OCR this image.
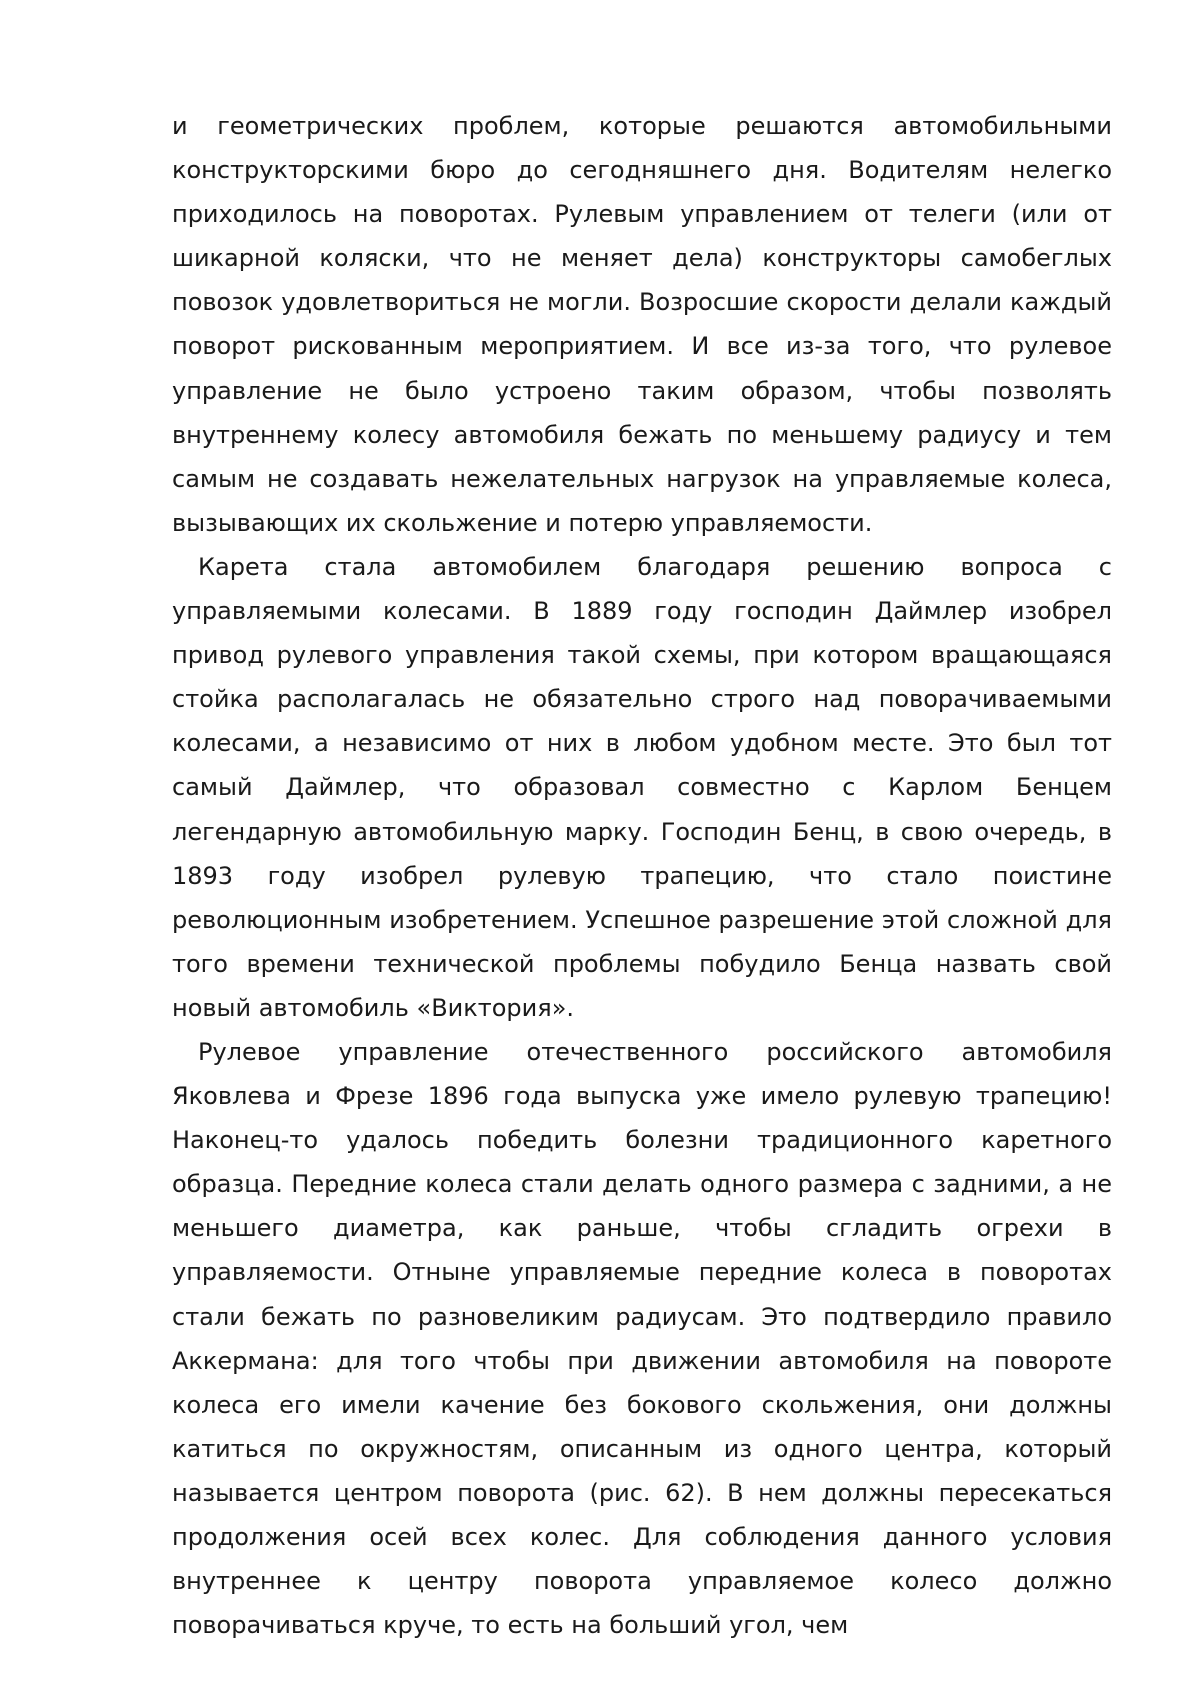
и геометрических проблем, которые решаются автомобильными конструкторскими бюро до сегодняшнего дня. Водителям нелегко приходилось на поворотах. Рулевым управлением от телеги (или от шикарной коляски, что не меняет дела) конструкторы самобеглых повозок удовлетвориться не могли. Возросшие скорости делали каждый поворот рискованным мероприятием. И все из-за того, что рулевое управление не было устроено таким образом, чтобы позволять внутреннему колесу автомобиля бежать по меньшему радиусу и тем самым не создавать нежелательных нагрузок на управляемые колеса, вызывающих их скольжение и потерю управляемости.

Карета стала автомобилем благодаря решению вопроса с управляемыми колесами. В 1889 году господин Даймлер изобрел привод рулевого управления такой схемы, при котором вращающаяся стойка располагалась не обязательно строго над поворачиваемыми колесами, а независимо от них в любом удобном месте. Это был тот самый Даймлер, что образовал совместно с Карлом Бенцем легендарную автомобильную марку. Господин Бенц, в свою очередь, в 1893 году изобрел рулевую трапецию, что стало поистине революционным изобретением. Успешное разрешение этой сложной для того времени технической проблемы побудило Бенца назвать свой новый автомобиль «Виктория».

Рулевое управление отечественного российского автомобиля Яковлева и Фрезе 1896 года выпуска уже имело рулевую трапецию! Наконец-то удалось победить болезни традиционного каретного образца. Передние колеса стали делать одного размера с задними, а не меньшего диаметра, как раньше, чтобы сгладить огрехи в управляемости. Отныне управляемые передние колеса в поворотах стали бежать по разновеликим радиусам. Это подтвердило правило Аккермана: для того чтобы при движении автомобиля на повороте колеса его имели качение без бокового скольжения, они должны катиться по окружностям, описанным из одного центра, который называется центром поворота (рис. 62). В нем должны пересекаться продолжения осей всех колес. Для соблюдения данного условия внутреннее к центру поворота управляемое колесо должно поворачиваться круче, то есть на больший угол, чем
